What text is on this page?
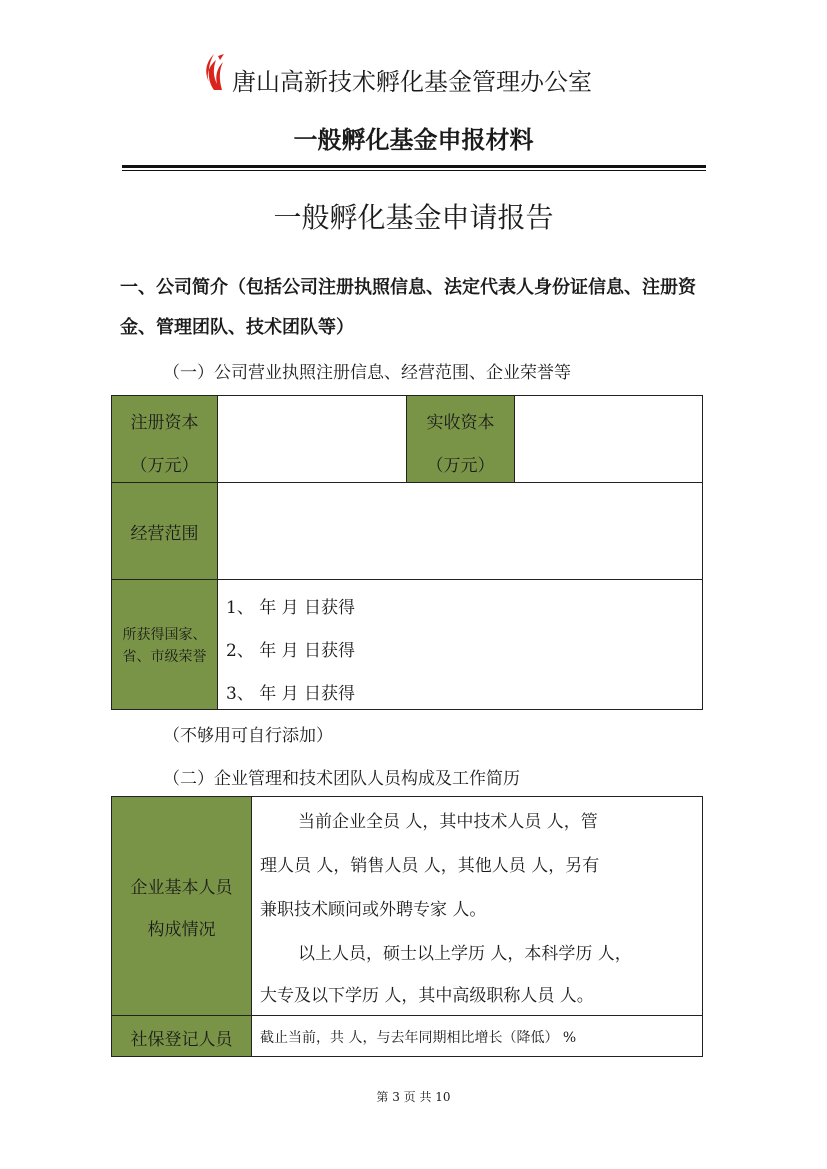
唐山高新技术孵化基金管理办公室
一般孵化基金申报材料
一般孵化基金申请报告
一、公司简介（包括公司注册执照信息、法定代表人身份证信息、注册资金、管理团队、技术团队等）
（一）公司营业执照注册信息、经营范围、企业荣誉等
注册资本
（万元）
实收资本
（万元）
经营范围
所获得国家、
省、市级荣誉
1、 年 月 日获得
2、 年 月 日获得
3、 年 月 日获得
（不够用可自行添加）
（二）企业管理和技术团队人员构成及工作简历
企业基本人员
构成情况
当前企业全员 人，其中技术人员 人，管
理人员 人，销售人员 人，其他人员 人，另有
兼职技术顾问或外聘专家 人。
以上人员，硕士以上学历 人，本科学历 人，
大专及以下学历 人，其中高级职称人员 人。
社保登记人员	截止当前，共 人，与去年同期相比增长（降低） %
第 3 页 共 10
